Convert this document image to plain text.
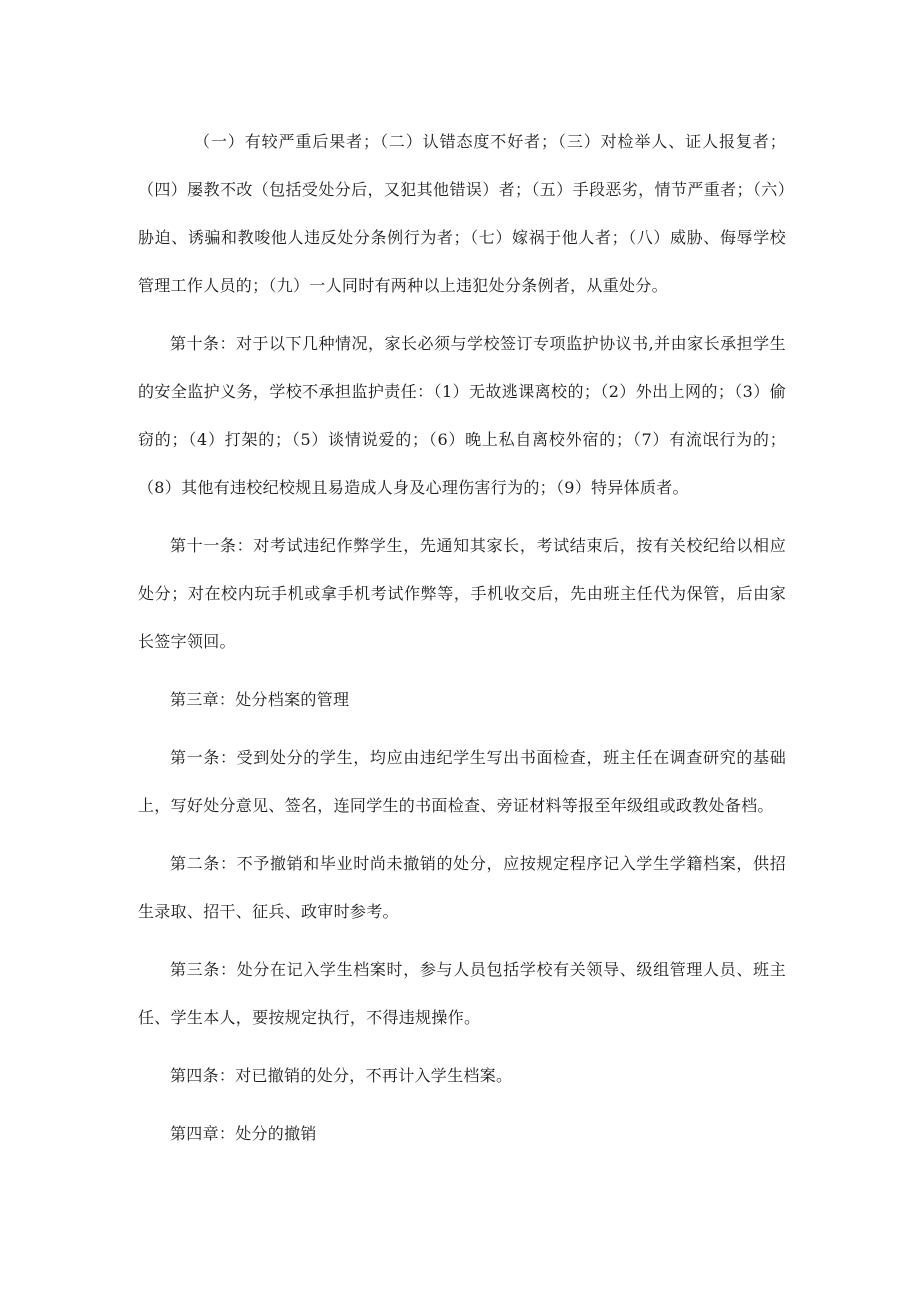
（一）有较严重后果者；（二）认错态度不好者；（三）对检举人、证人报复者；（四）屡教不改（包括受处分后，又犯其他错误）者；（五）手段恶劣，情节严重者；（六）胁迫、诱骗和教唆他人违反处分条例行为者；（七）嫁祸于他人者；（八）威胁、侮辱学校管理工作人员的；（九）一人同时有两种以上违犯处分条例者，从重处分。

第十条：对于以下几种情况，家长必须与学校签订专项监护协议书,并由家长承担学生的安全监护义务，学校不承担监护责任：（1）无故逃课离校的；（2）外出上网的；（3）偷窃的；（4）打架的；（5）谈情说爱的；（6）晚上私自离校外宿的；（7）有流氓行为的；（8）其他有违校纪校规且易造成人身及心理伤害行为的；（9）特异体质者。

第十一条：对考试违纪作弊学生，先通知其家长，考试结束后，按有关校纪给以相应处分；对在校内玩手机或拿手机考试作弊等，手机收交后，先由班主任代为保管，后由家长签字领回。

第三章：处分档案的管理

第一条：受到处分的学生，均应由违纪学生写出书面检查，班主任在调查研究的基础上，写好处分意见、签名，连同学生的书面检查、旁证材料等报至年级组或政教处备档。

第二条：不予撤销和毕业时尚未撤销的处分，应按规定程序记入学生学籍档案，供招生录取、招干、征兵、政审时参考。

第三条：处分在记入学生档案时，参与人员包括学校有关领导、级组管理人员、班主任、学生本人，要按规定执行，不得违规操作。

第四条：对已撤销的处分，不再计入学生档案。

第四章：处分的撤销
